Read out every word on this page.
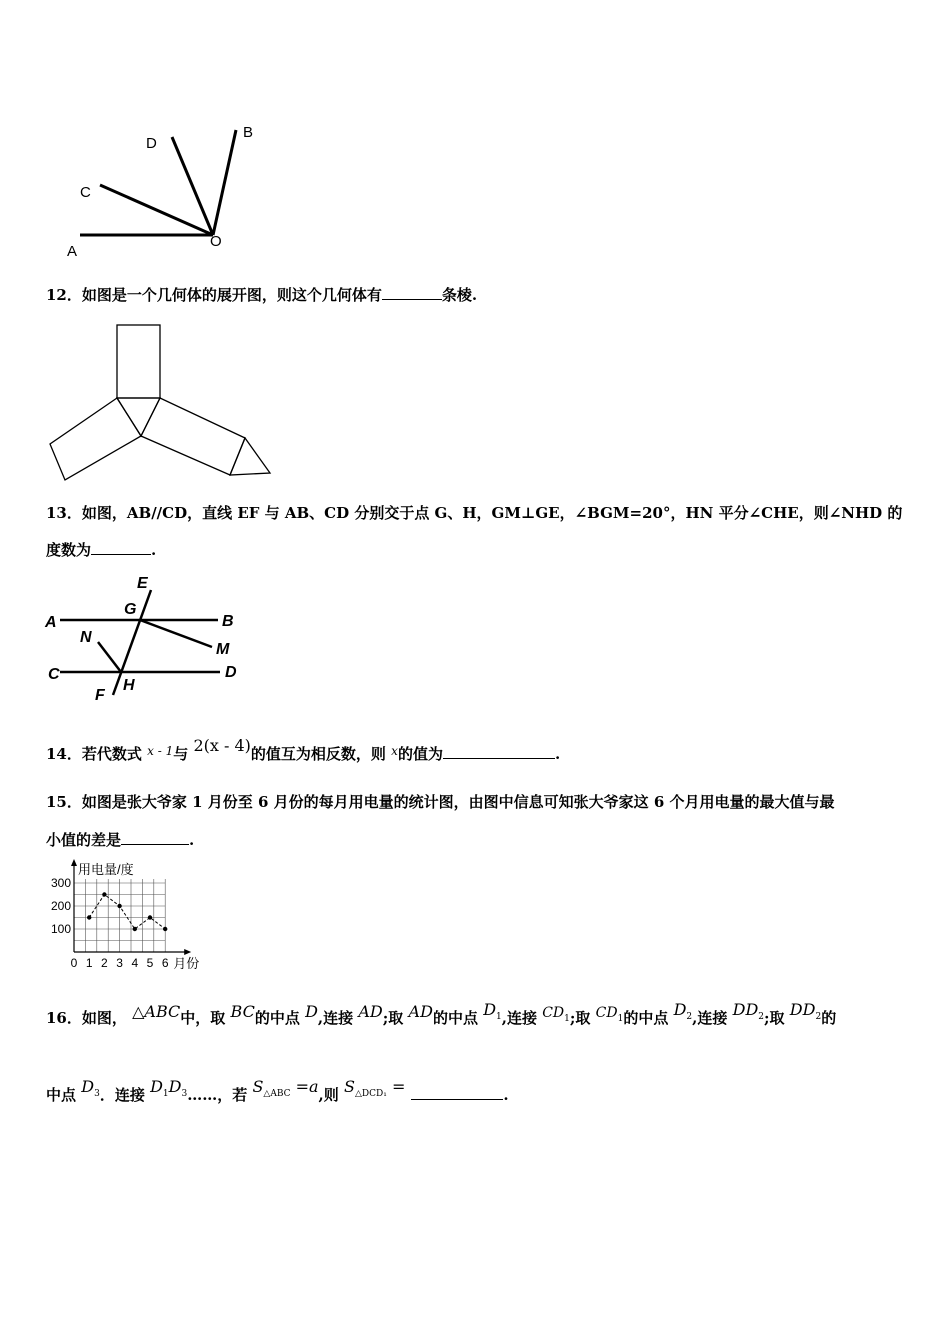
A
O
C
D
B
12．如图是一个几何体的展开图，则这个几何体有	条棱.
13．如图，AB//CD，直线 EF 与 AB、CD 分别交于点 G、H，GM⊥GE，∠BGM=20°，HN 平分∠CHE，则∠NHD 的
度数为	.
E
G
B
A
N
M
C	D
F
H
14．若代数式 $^{x - 1}$与 2(x - 4)的值互为相反数，则 $^x$的值为	.
15．如图是张大爷家 1 月份至 6 月份的每月用电量的统计图，由图中信息可知张大爷家这 6 个月用电量的最大值与最
小值的差是	.
用电量/度
100
200
300
0 1 2 3 4 5 6 月份
16．如图， △ABC中，取 BC的中点 D,连接 AD;取 AD的中点 $D_1$,连接 $CD_1$;取 $CD_1$的中点 $D_2$,连接 $DD_2$;取 $DD_2$的
中点 $D_3$．连接 $D_1D_3\dots\dots$，若 $S_{\triangle ABC} =a$,则 $S_{\triangle DCD_1}$ =	.
